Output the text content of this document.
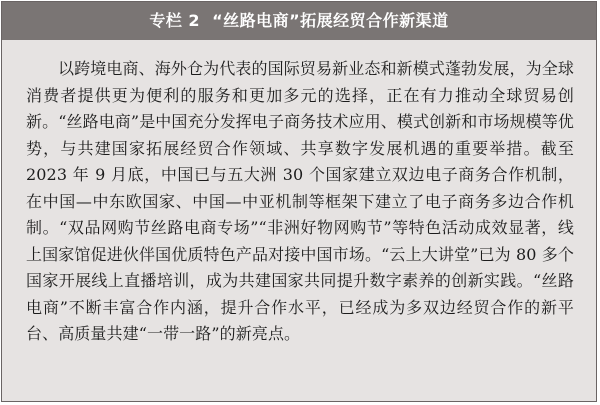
专栏 2 “丝路电商”拓展经贸合作新渠道

以跨境电商、海外仓为代表的国际贸易新业态和新模式蓬勃发展，为全球消费者提供更为便利的服务和更加多元的选择，正在有力推动全球贸易创新。“丝路电商”是中国充分发挥电子商务技术应用、模式创新和市场规模等优势，与共建国家拓展经贸合作领域、共享数字发展机遇的重要举措。截至 2023 年 9 月底，中国已与五大洲 30 个国家建立双边电子商务合作机制，在中国—中东欧国家、中国—中亚机制等框架下建立了电子商务多边合作机制。“双品网购节丝路电商专场”“非洲好物网购节”等特色活动成效显著，线上国家馆促进伙伴国优质特色产品对接中国市场。“云上大讲堂”已为 80 多个国家开展线上直播培训，成为共建国家共同提升数字素养的创新实践。“丝路电商”不断丰富合作内涵，提升合作水平，已经成为多双边经贸合作的新平台、高质量共建“一带一路”的新亮点。
